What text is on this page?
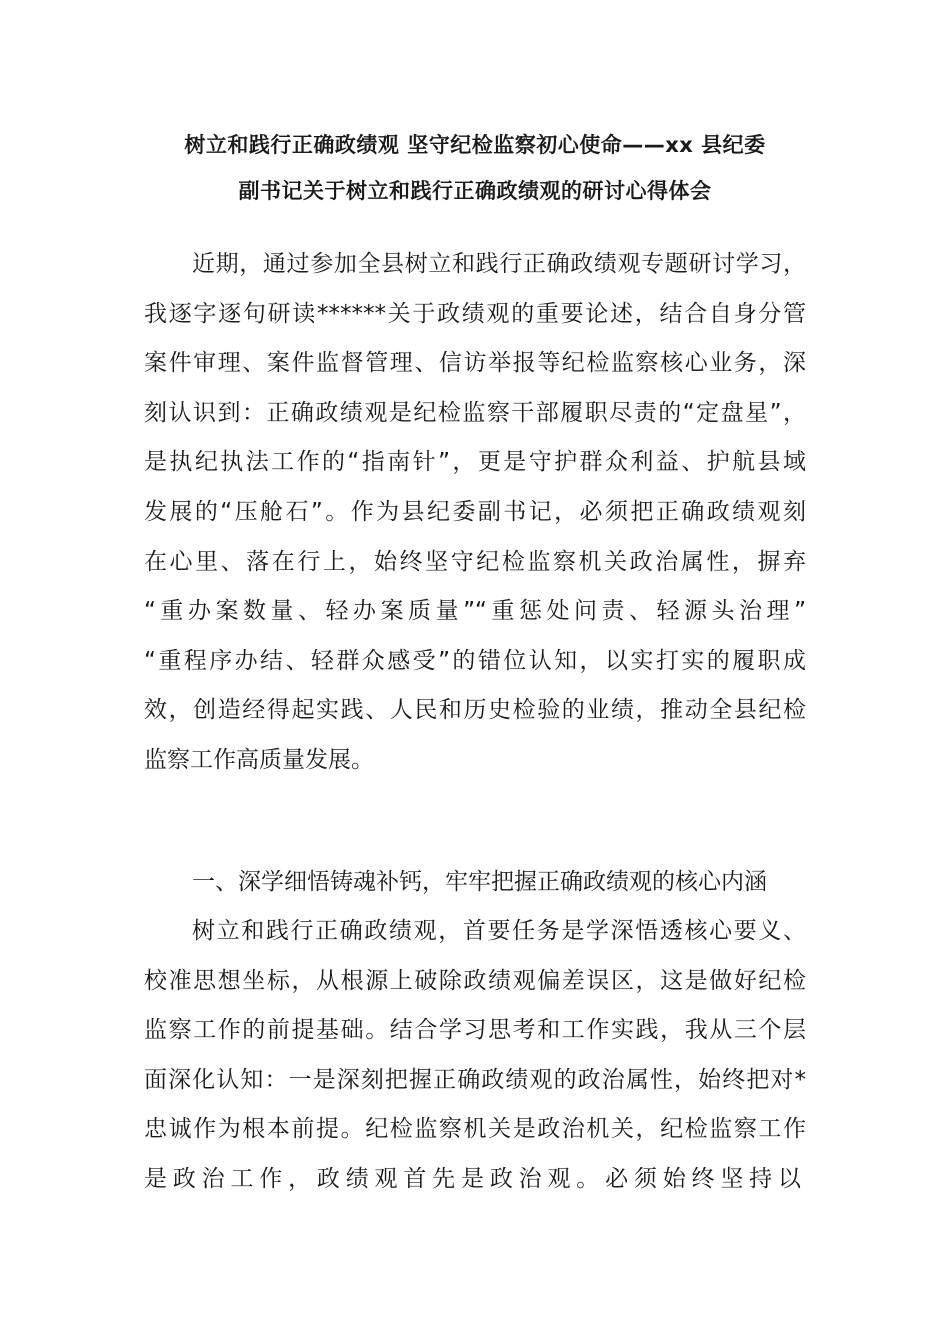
树立和践行正确政绩观 坚守纪检监察初心使命——xx 县纪委
副书记关于树立和践行正确政绩观的研讨心得体会
近期，通过参加全县树立和践行正确政绩观专题研讨学习，
我逐字逐句研读******关于政绩观的重要论述，结合自身分管
案件审理、案件监督管理、信访举报等纪检监察核心业务，深
刻认识到：正确政绩观是纪检监察干部履职尽责的“定盘星”，
是执纪执法工作的“指南针”，更是守护群众利益、护航县域
发展的“压舱石”。作为县纪委副书记，必须把正确政绩观刻
在心里、落在行上，始终坚守纪检监察机关政治属性，摒弃
“重办案数量、轻办案质量”“重惩处问责、轻源头治理”
“重程序办结、轻群众感受”的错位认知，以实打实的履职成
效，创造经得起实践、人民和历史检验的业绩，推动全县纪检
监察工作高质量发展。
一、深学细悟铸魂补钙，牢牢把握正确政绩观的核心内涵
树立和践行正确政绩观，首要任务是学深悟透核心要义、
校准思想坐标，从根源上破除政绩观偏差误区，这是做好纪检
监察工作的前提基础。结合学习思考和工作实践，我从三个层
面深化认知：一是深刻把握正确政绩观的政治属性，始终把对*
忠诚作为根本前提。纪检监察机关是政治机关，纪检监察工作
是政治工作，政绩观首先是政治观。必须始终坚持以
